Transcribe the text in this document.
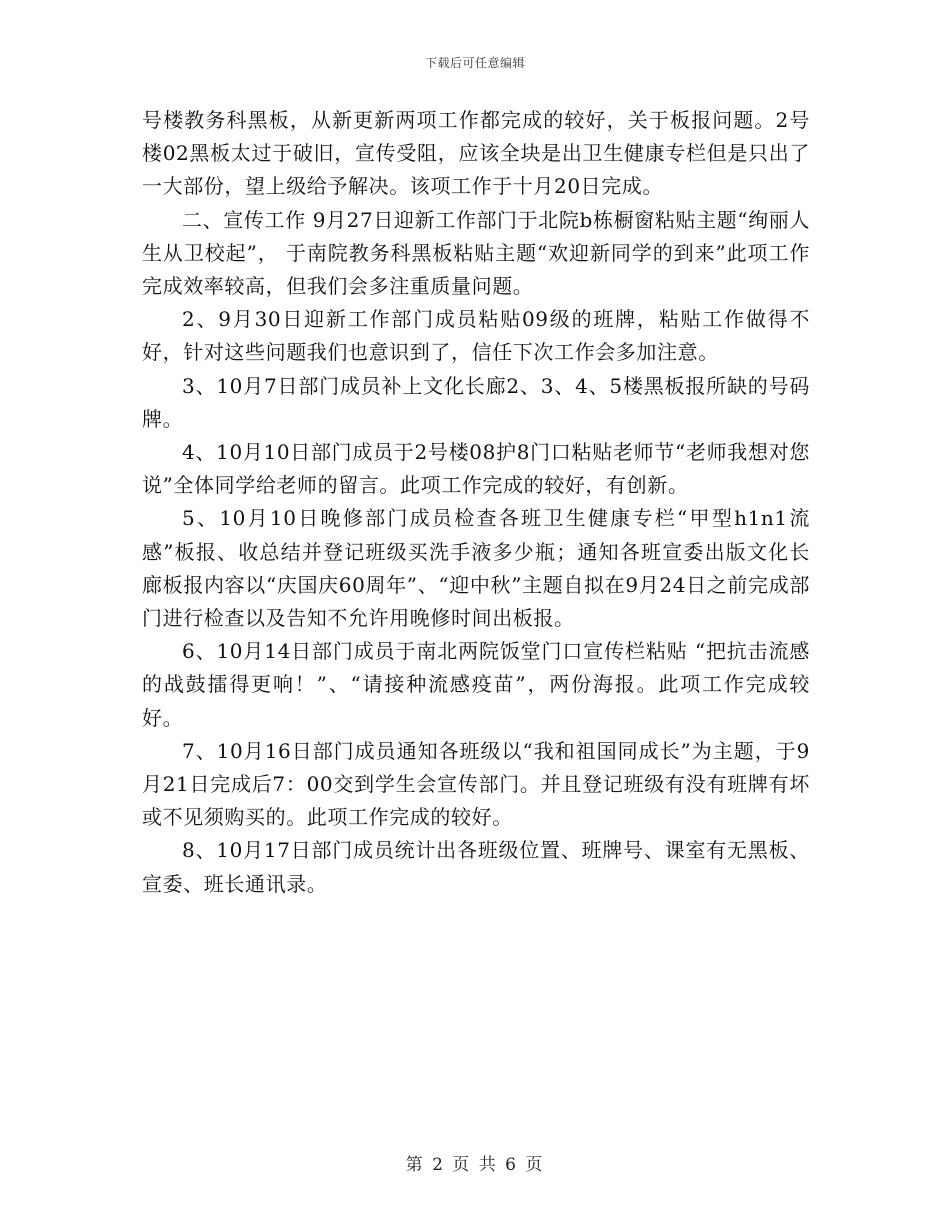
下载后可任意编辑

号楼教务科黑板，从新更新两项工作都完成的较好，关于板报问题。2号楼02黑板太过于破旧，宣传受阻，应该全块是出卫生健康专栏但是只出了一大部份，望上级给予解决。该项工作于十月20日完成。

二、宣传工作 9月27日迎新工作部门于北院b栋橱窗粘贴主题“绚丽人生从卫校起”， 于南院教务科黑板粘贴主题“欢迎新同学的到来”此项工作完成效率较高，但我们会多注重质量问题。

2、9月30日迎新工作部门成员粘贴09级的班牌，粘贴工作做得不好，针对这些问题我们也意识到了，信任下次工作会多加注意。

3、10月7日部门成员补上文化长廊2、3、4、5楼黑板报所缺的号码牌。

4、10月10日部门成员于2号楼08护8门口粘贴老师节“老师我想对您说”全体同学给老师的留言。此项工作完成的较好，有创新。

5、10月10日晚修部门成员检查各班卫生健康专栏“甲型h1n1流感”板报、收总结并登记班级买洗手液多少瓶；通知各班宣委出版文化长廊板报内容以“庆国庆60周年”、“迎中秋”主题自拟在9月24日之前完成部门进行检查以及告知不允许用晚修时间出板报。

6、10月14日部门成员于南北两院饭堂门口宣传栏粘贴 “把抗击流感的战鼓擂得更响！”、“请接种流感疫苗”，两份海报。此项工作完成较好。

7、10月16日部门成员通知各班级以“我和祖国同成长”为主题，于9月21日完成后7：00交到学生会宣传部门。并且登记班级有没有班牌有坏或不见须购买的。此项工作完成的较好。

8、10月17日部门成员统计出各班级位置、班牌号、课室有无黑板、宣委、班长通讯录。

第 2 页 共 6 页
